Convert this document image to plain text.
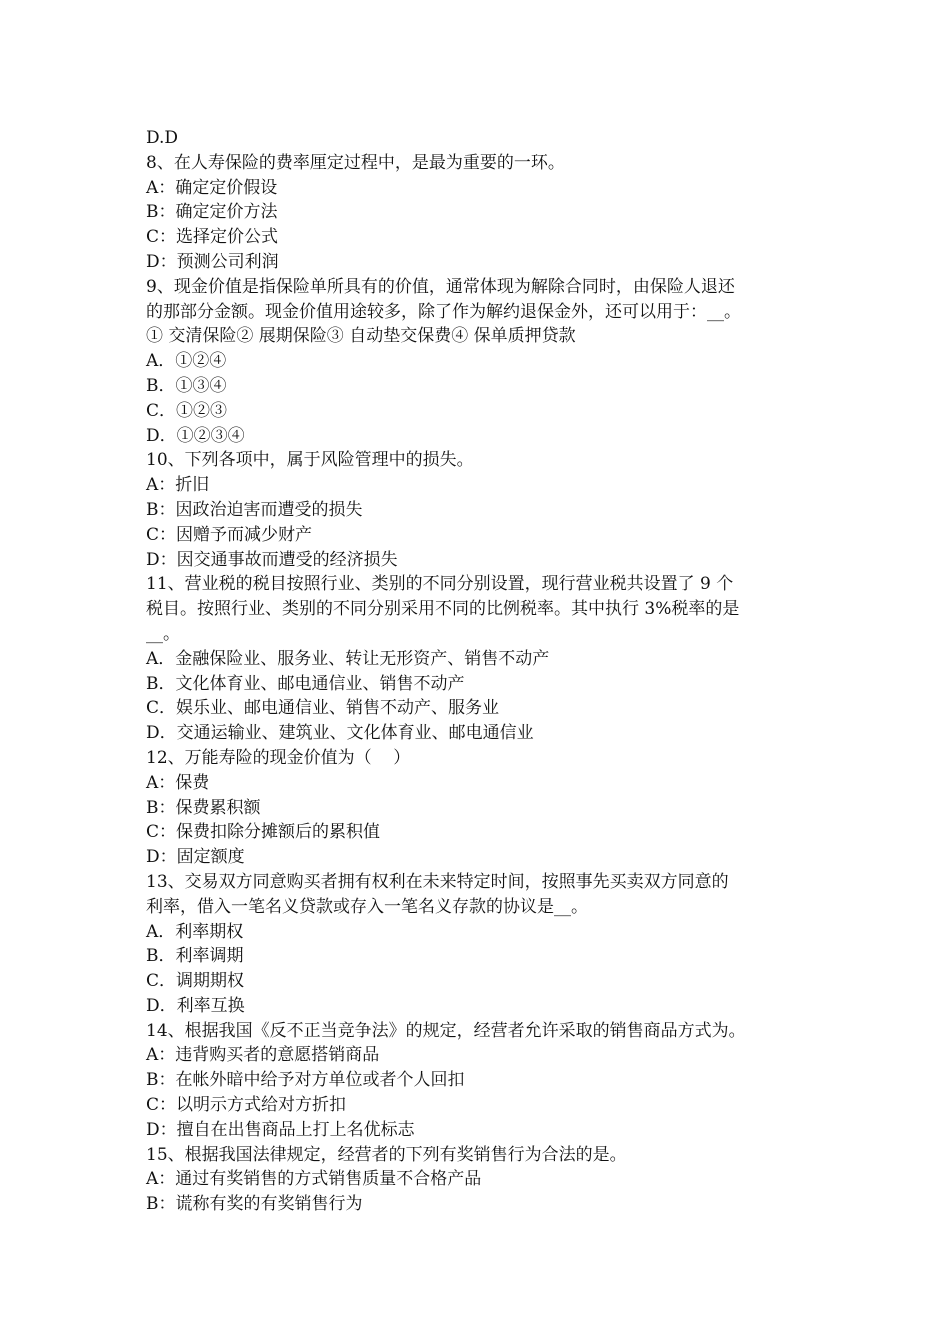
D.D
8、在人寿保险的费率厘定过程中，是最为重要的一环。
A：确定定价假设
B：确定定价方法
C：选择定价公式
D：预测公司利润
9、现金价值是指保险单所具有的价值，通常体现为解除合同时，由保险人退还
的那部分金额。现金价值用途较多，除了作为解约退保金外，还可以用于：__。
① 交清保险② 展期保险③ 自动垫交保费④ 保单质押贷款
A．①②④
B．①③④
C．①②③
D．①②③④
10、下列各项中，属于风险管理中的损失。
A：折旧
B：因政治迫害而遭受的损失
C：因赠予而减少财产
D：因交通事故而遭受的经济损失
11、营业税的税目按照行业、类别的不同分别设置，现行营业税共设置了 9 个
税目。按照行业、类别的不同分别采用不同的比例税率。其中执行 3%税率的是
__。
A．金融保险业、服务业、转让无形资产、销售不动产
B．文化体育业、邮电通信业、销售不动产
C．娱乐业、邮电通信业、销售不动产、服务业
D．交通运输业、建筑业、文化体育业、邮电通信业
12、万能寿险的现金价值为（    ）
A：保费
B：保费累积额
C：保费扣除分摊额后的累积值
D：固定额度
13、交易双方同意购买者拥有权利在未来特定时间，按照事先买卖双方同意的
利率，借入一笔名义贷款或存入一笔名义存款的协议是__。
A．利率期权
B．利率调期
C．调期期权
D．利率互换
14、根据我国《反不正当竞争法》的规定，经营者允许采取的销售商品方式为。
A：违背购买者的意愿搭销商品
B：在帐外暗中给予对方单位或者个人回扣
C：以明示方式给对方折扣
D：擅自在出售商品上打上名优标志
15、根据我国法律规定，经营者的下列有奖销售行为合法的是。
A：通过有奖销售的方式销售质量不合格产品
B：谎称有奖的有奖销售行为
